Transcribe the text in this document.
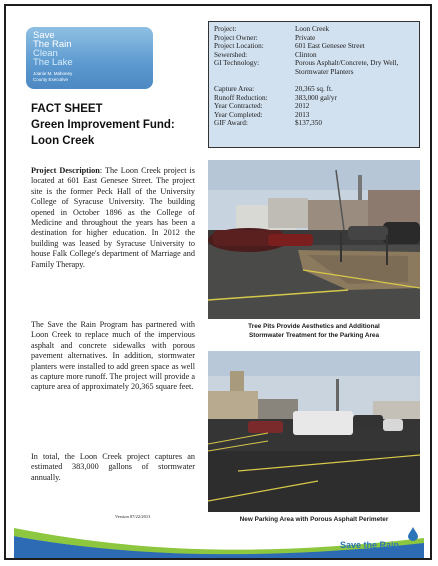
Save
The Rain
Clean
The Lake
Joanie M. Mahoney
County Executive
Project:	Loon Creek
Project Owner:	Private
Project Location:	601 East Genesee Street
Sewershed:	Clinton
GI Technology:	Porous Asphalt/Concrete, Dry Well, Stormwater Planters
Capture Area:	20,365 sq. ft.
Runoff Reduction:	383,000 gal/yr
Year Contracted:	2012
Year Completed:	2013
GIF Award:	$137,350
FACT SHEET
Green Improvement Fund:
Loon Creek
Project Description: The Loon Creek project is located at 601 East Genesee Street. The project site is the former Peck Hall of the University College of Syracuse University. The building opened in October 1896 as the College of Medicine and throughout the years has been a destination for higher education. In 2012 the building was leased by Syracuse University to house Falk College's department of Marriage and Family Therapy.
The Save the Rain Program has partnered with Loon Creek to replace much of the impervious asphalt and concrete sidewalks with porous pavement alternatives. In addition, stormwater planters were installed to add green space as well as capture more runoff. The project will provide a capture area of approximately 20,365 square feet.
In total, the Loon Creek project captures an estimated 383,000 gallons of stormwater annually.
Tree Pits Provide Aesthetics and Additional
Stormwater Treatment for the Parking Area
New Parking Area with Porous Asphalt Perimeter
Version 07/22/2013
Save the Rain
